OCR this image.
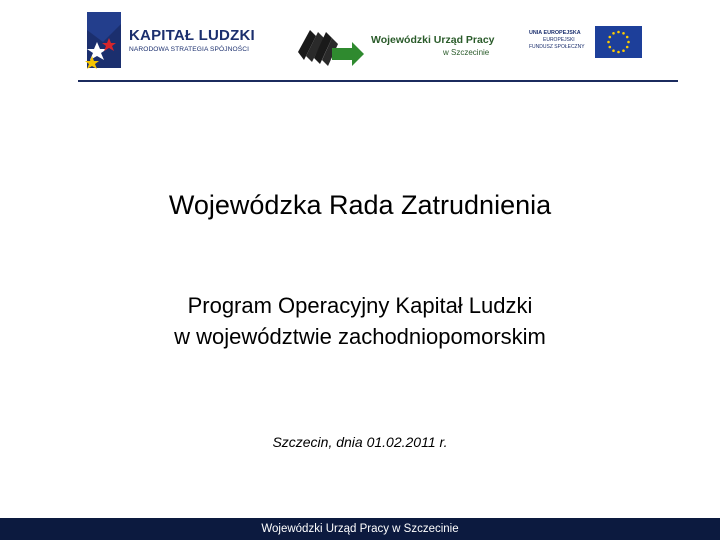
KAPITAŁ LUDZKI
NARODOWA STRATEGIA SPÓJNOŚCI
Wojewódzki Urząd Pracy
w Szczecinie
UNIA EUROPEJSKA
EUROPEJSKI
FUNDUSZ SPOŁECZNY
Wojewódzka Rada Zatrudnienia
Program Operacyjny Kapitał Ludzki
w województwie zachodniopomorskim
Szczecin, dnia 01.02.2011 r.
Wojewódzki Urząd Pracy w Szczecinie
